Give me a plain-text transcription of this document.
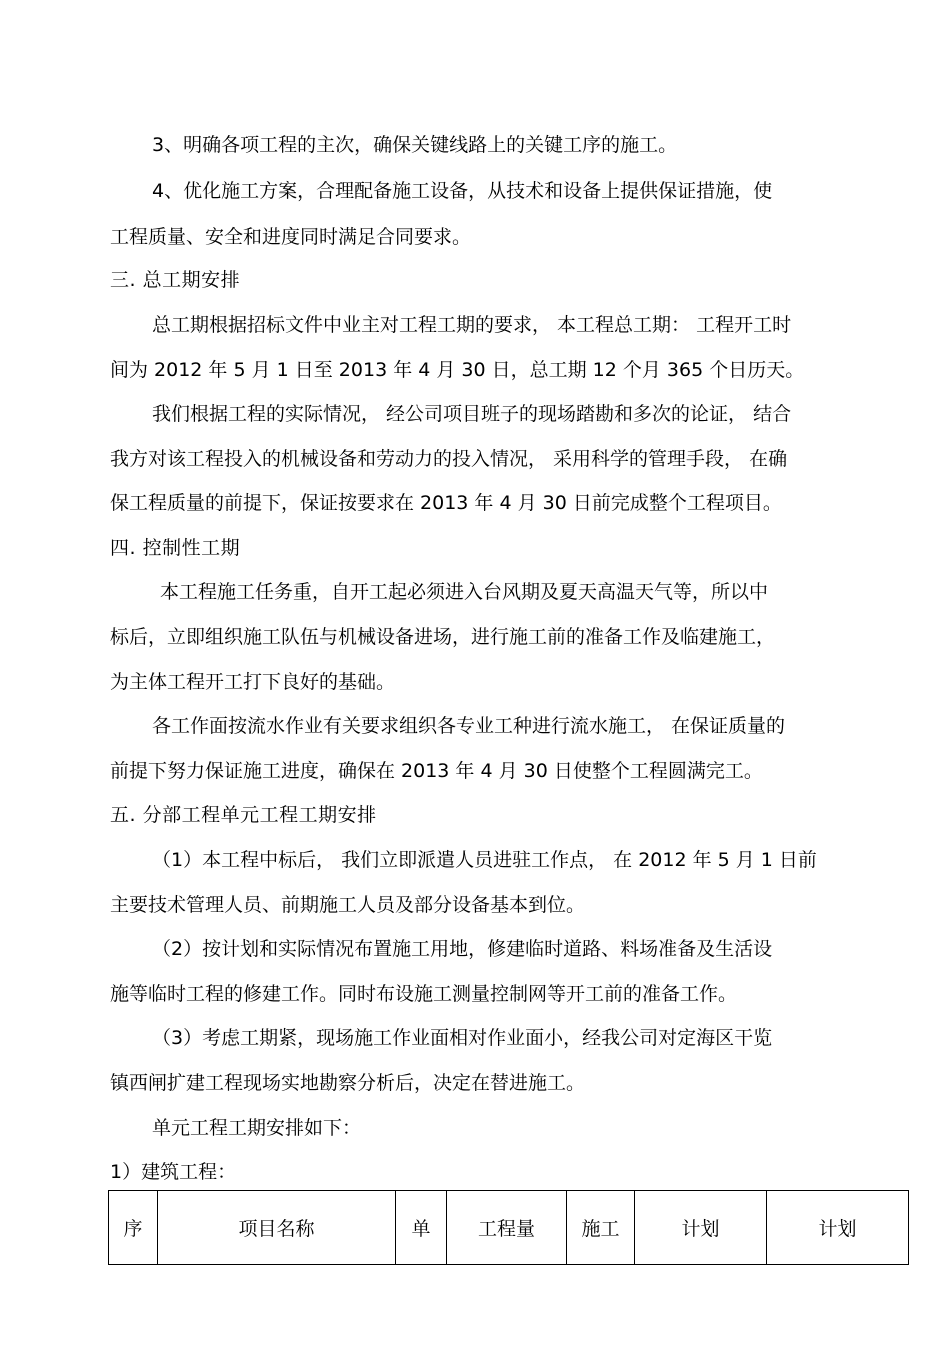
3、明确各项工程的主次，确保关键线路上的关键工序的施工。

4、优化施工方案，合理配备施工设备，从技术和设备上提供保证措施，使

工程质量、安全和进度同时满足合同要求。

三. 总工期安排

总工期根据招标文件中业主对工程工期的要求， 本工程总工期： 工程开工时

间为 2012 年 5 月 1 日至 2013 年 4 月 30 日，总工期 12 个月 365 个日历天。

我们根据工程的实际情况， 经公司项目班子的现场踏勘和多次的论证， 结合

我方对该工程投入的机械设备和劳动力的投入情况， 采用科学的管理手段， 在确

保工程质量的前提下，保证按要求在 2013 年 4 月 30 日前完成整个工程项目。

四. 控制性工期

本工程施工任务重，自开工起必须进入台风期及夏天高温天气等，所以中

标后，立即组织施工队伍与机械设备进场，进行施工前的准备工作及临建施工，

为主体工程开工打下良好的基础。

各工作面按流水作业有关要求组织各专业工种进行流水施工， 在保证质量的

前提下努力保证施工进度，确保在 2013 年 4 月 30 日使整个工程圆满完工。

五. 分部工程单元工程工期安排

（1）本工程中标后， 我们立即派遣人员进驻工作点， 在 2012 年 5 月 1 日前

主要技术管理人员、前期施工人员及部分设备基本到位。

（2）按计划和实际情况布置施工用地，修建临时道路、料场准备及生活设

施等临时工程的修建工作。同时布设施工测量控制网等开工前的准备工作。

（3）考虑工期紧，现场施工作业面相对作业面小，经我公司对定海区干览

镇西闸扩建工程现场实地勘察分析后，决定在替进施工。

单元工程工期安排如下：

1）建筑工程：

序	项目名称	单	工程量	施工	计划	计划
